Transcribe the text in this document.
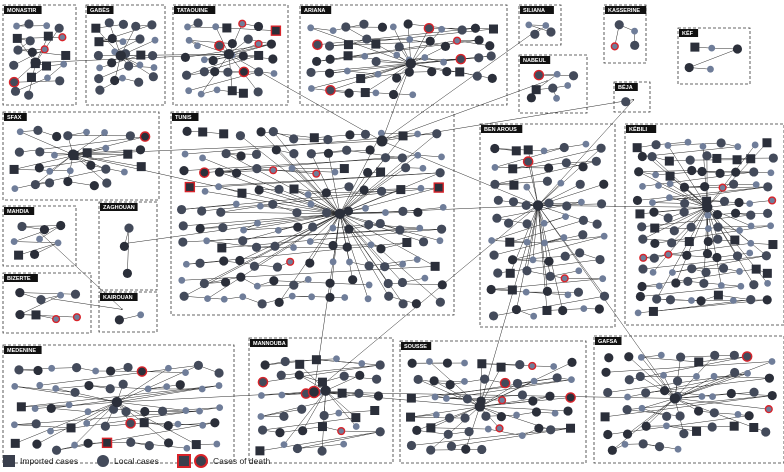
MONASTIR	GABÈS	TATAOUINE	ARIANA	SILIANA	KASSERINE
KÉF
NABEUL
BÉJA
SFAX	TUNIS
BEN AROUS	KÉBILI
MAHDIA
ZAGHOUAN
BIZERTE
KAIROUAN
MEDENINE
MANNOUBA	SOUSSE
GAFSA
Imported cases	Local cases	Cases of death
